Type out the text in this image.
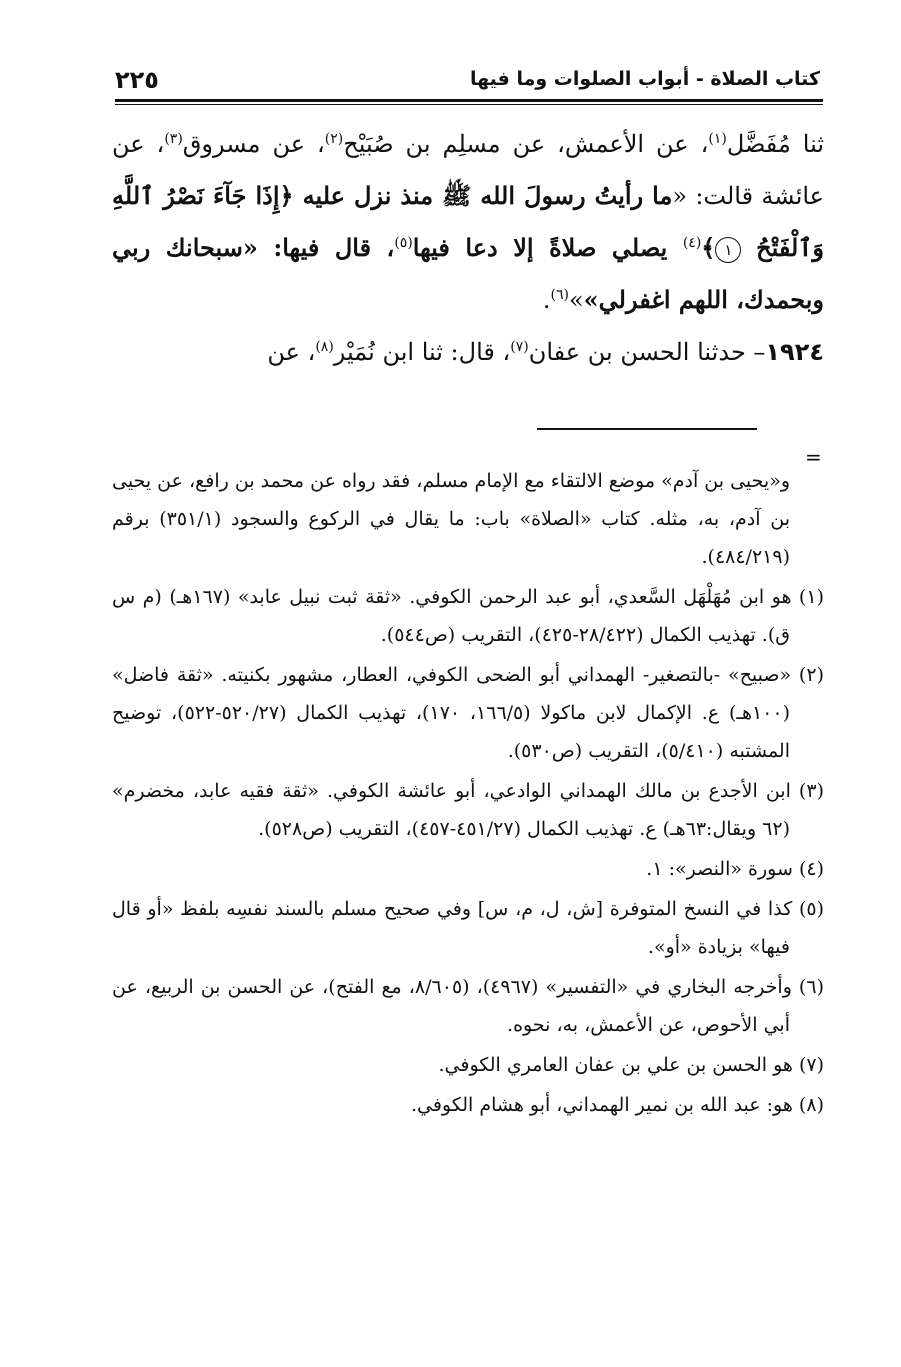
٢٢٥	كتاب الصلاة - أبواب الصلوات وما فيها

ثنا مُفَضَّل$^{(١)}$، عن الأعمش، عن مسلِم بن صُبَيْح$^{(٢)}$، عن مسروق$^{(٣)}$، عن عائشة قالت: «ما رأيتُ رسولَ الله ﷺ منذ نزل عليه ﴿إِذَا جَآءَ نَصْرُ ٱللَّهِ وَٱلْفَتْحُ ١﴾$^{(٤)}$ يصلي صلاةً إلا دعا فيها$^{(٥)}$، قال فيها: «سبحانك ربي وبحمدك، اللهم اغفرلي»»$^{(٦)}$.

١٩٢٤– حدثنا الحسن بن عفان$^{(٧)}$، قال: ثنا ابن نُمَيْر$^{(٨)}$، عن

=

و«يحيى بن آدم» موضع الالتقاء مع الإمام مسلم، فقد رواه عن محمد بن رافع، عن يحيى بن آدم، به، مثله. كتاب «الصلاة» باب: ما يقال في الركوع والسجود (٣٥١/١) برقم (٤٨٤/٢١٩).

(١) هو ابن مُهَلْهَل السَّعدي، أبو عبد الرحمن الكوفي. «ثقة ثبت نبيل عابد» (١٦٧هـ) (م س ق). تهذيب الكمال (٢٨/٤٢٢-٤٢٥)، التقريب (ص٥٤٤).

(٢) «صبيح» -بالتصغير- الهمداني أبو الضحى الكوفي، العطار، مشهور بكنيته. «ثقة فاضل» (١٠٠هـ) ع. الإكمال لابن ماكولا (١٦٦/٥، ١٧٠)، تهذيب الكمال (٥٢٠/٢٧-٥٢٢)، توضيح المشتبه (٥/٤١٠)، التقريب (ص٥٣٠).

(٣) ابن الأجدع بن مالك الهمداني الوادعي، أبو عائشة الكوفي. «ثقة فقيه عابد، مخضرم» (٦٢ ويقال:٦٣هـ) ع. تهذيب الكمال (٤٥١/٢٧-٤٥٧)، التقريب (ص٥٢٨).

(٤) سورة «النصر»: ١.

(٥) كذا في النسخ المتوفرة [ش، ل، م، س] وفي صحيح مسلم بالسند نفسِه بلفظ «أو قال فيها» بزيادة «أو».

(٦) وأخرجه البخاري في «التفسير» (٤٩٦٧)، (٨/٦٠٥، مع الفتح)، عن الحسن بن الربيع، عن أبي الأحوص، عن الأعمش، به، نحوه.

(٧) هو الحسن بن علي بن عفان العامري الكوفي.

(٨) هو: عبد الله بن نمير الهمداني، أبو هشام الكوفي.
